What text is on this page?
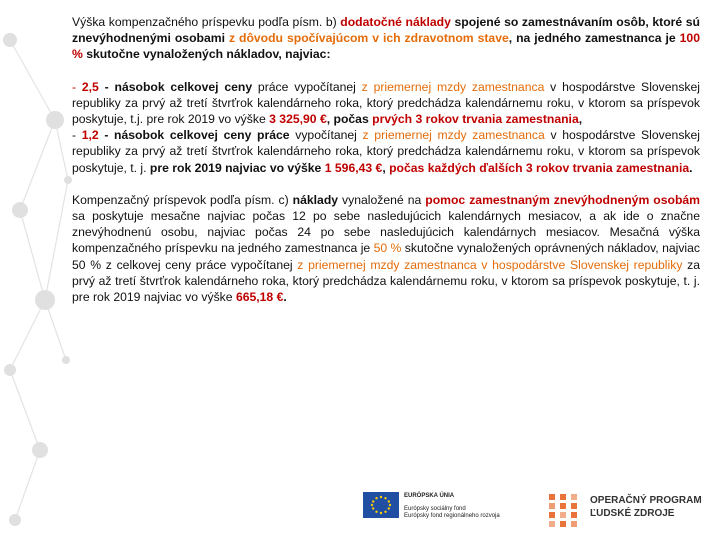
Výška kompenzačného príspevku podľa písm. b) dodatočné náklady spojené so zamestnávaním osôb, ktoré sú znevýhodnenými osobami z dôvodu spočívajúcom v ich zdravotnom stave, na jedného zamestnanca je 100 % skutočne vynaložených nákladov, najviac:

- 2,5 - násobok celkovej ceny práce vypočítanej z priemernej mzdy zamestnanca v hospodárstve Slovenskej republiky za prvý až tretí štvrťrok kalendárneho roka, ktorý predchádza kalendárnemu roku, v ktorom sa príspevok poskytuje, t.j. pre rok 2019 vo výške 3 325,90 €, počas prvých 3 rokov trvania zamestnania,
- 1,2 - násobok celkovej ceny práce vypočítanej z priemernej mzdy zamestnanca v hospodárstve Slovenskej republiky za prvý až tretí štvrťrok kalendárneho roka, ktorý predchádza kalendárnemu roku, v ktorom sa príspevok poskytuje, t. j. pre rok 2019 najviac vo výške 1 596,43 €, počas každých ďalších 3 rokov trvania zamestnania.

Kompenzačný príspevok podľa písm. c) náklady vynaložené na pomoc zamestnaným znevýhodneným osobám sa poskytuje mesačne najviac počas 12 po sebe nasledujúcich kalendárnych mesiacov, a ak ide o značne znevýhodnenú osobu, najviac počas 24 po sebe nasledujúcich kalendárnych mesiacov. Mesačná výška kompenzačného príspevku na jedného zamestnanca je 50 % skutočne vynaložených oprávnených nákladov, najviac 50 % z celkovej ceny práce vypočítanej z priemernej mzdy zamestnanca v hospodárstve Slovenskej republiky za prvý až tretí štvrťrok kalendárneho roka, ktorý predchádza kalendárnemu roku, v ktorom sa príspevok poskytuje, t. j. pre rok 2019 najviac vo výške 665,18 €.

EURÓPSKA ÚNIA
Európsky sociálny fond
Európsky fond regionálneho rozvoja
OPERAČNÝ PROGRAM
ĽUDSKÉ ZDROJE
